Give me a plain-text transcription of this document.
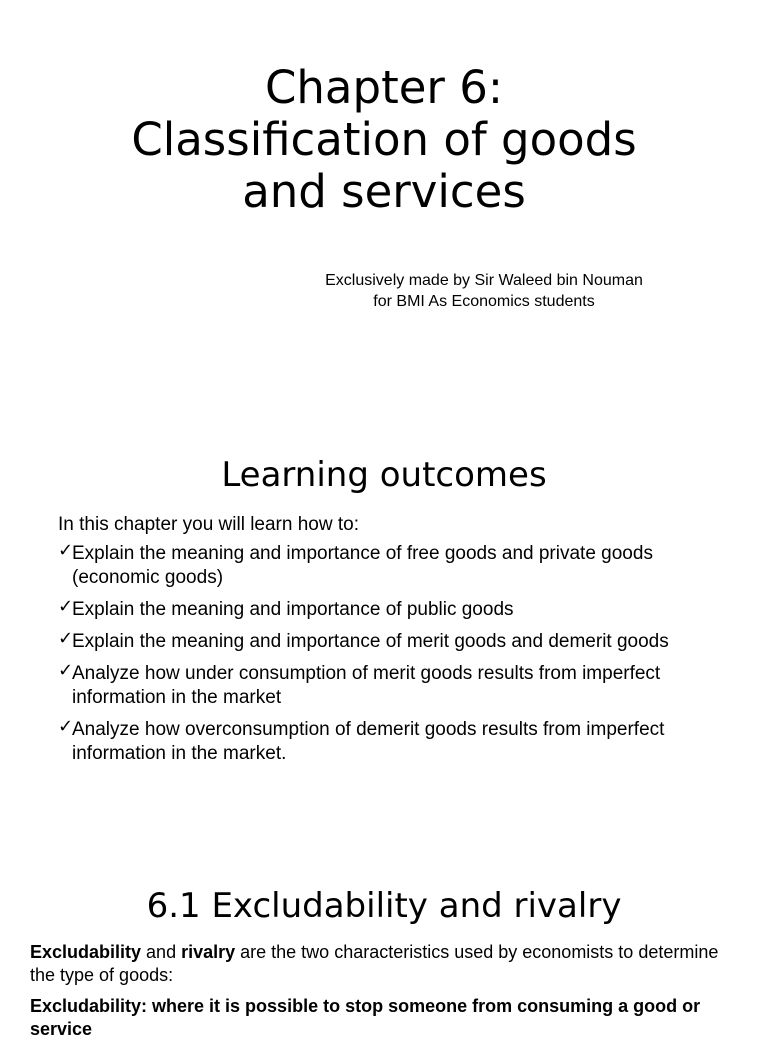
Chapter 6:
Classification of goods
and services
Exclusively made by Sir Waleed bin Nouman
for BMI As Economics students
Learning outcomes

In this chapter you will learn how to:

✓
Explain the meaning and importance of free goods and private goods (economic goods)
✓
Explain the meaning and importance of public goods
✓
Explain the meaning and importance of merit goods and demerit goods
✓
Analyze how under consumption of merit goods results from imperfect information in the market
✓
Analyze how overconsumption of demerit goods results from imperfect information in the market.
6.1 Excludability and rivalry

Excludability and rivalry are the two characteristics used by economists to determine the type of goods:

Excludability: where it is possible to stop someone from consuming a good or service
